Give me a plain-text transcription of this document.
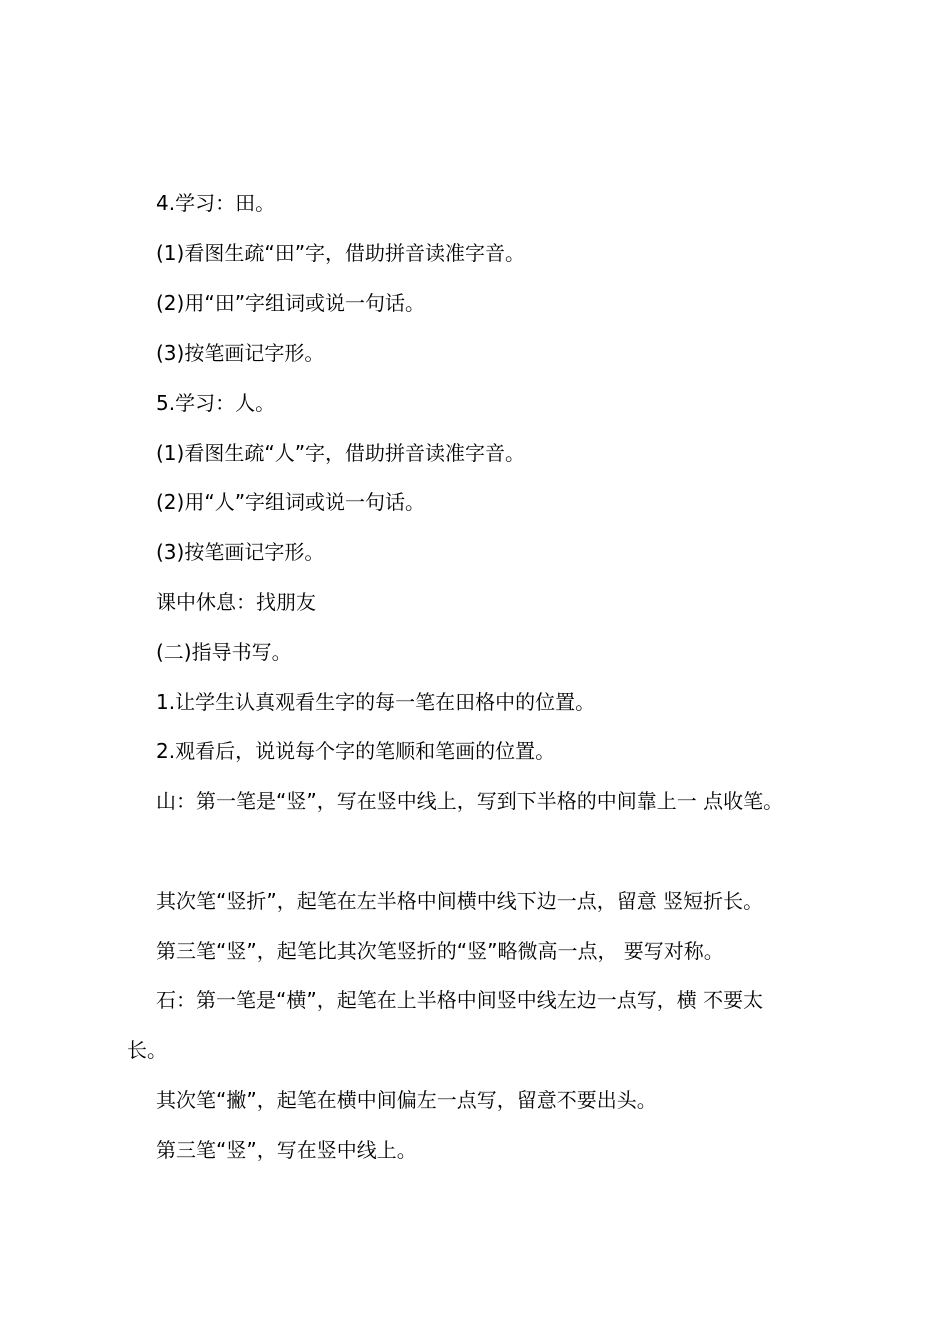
4.学习：田。
(1)看图生疏“田”字，借助拼音读准字音。
(2)用“田”字组词或说一句话。
(3)按笔画记字形。
5.学习：人。
(1)看图生疏“人”字，借助拼音读准字音。
(2)用“人”字组词或说一句话。
(3)按笔画记字形。
课中休息：找朋友
(二)指导书写。
1.让学生认真观看生字的每一笔在田格中的位置。
2.观看后，说说每个字的笔顺和笔画的位置。
山：第一笔是“竖”，写在竖中线上，写到下半格的中间靠上一 点收笔。
其次笔“竖折”，起笔在左半格中间横中线下边一点，留意 竖短折长。
第三笔“竖”，起笔比其次笔竖折的“竖”略微高一点， 要写对称。
石：第一笔是“横”，起笔在上半格中间竖中线左边一点写，横 不要太
长。
其次笔“撇”，起笔在横中间偏左一点写，留意不要出头。
第三笔“竖”，写在竖中线上。
